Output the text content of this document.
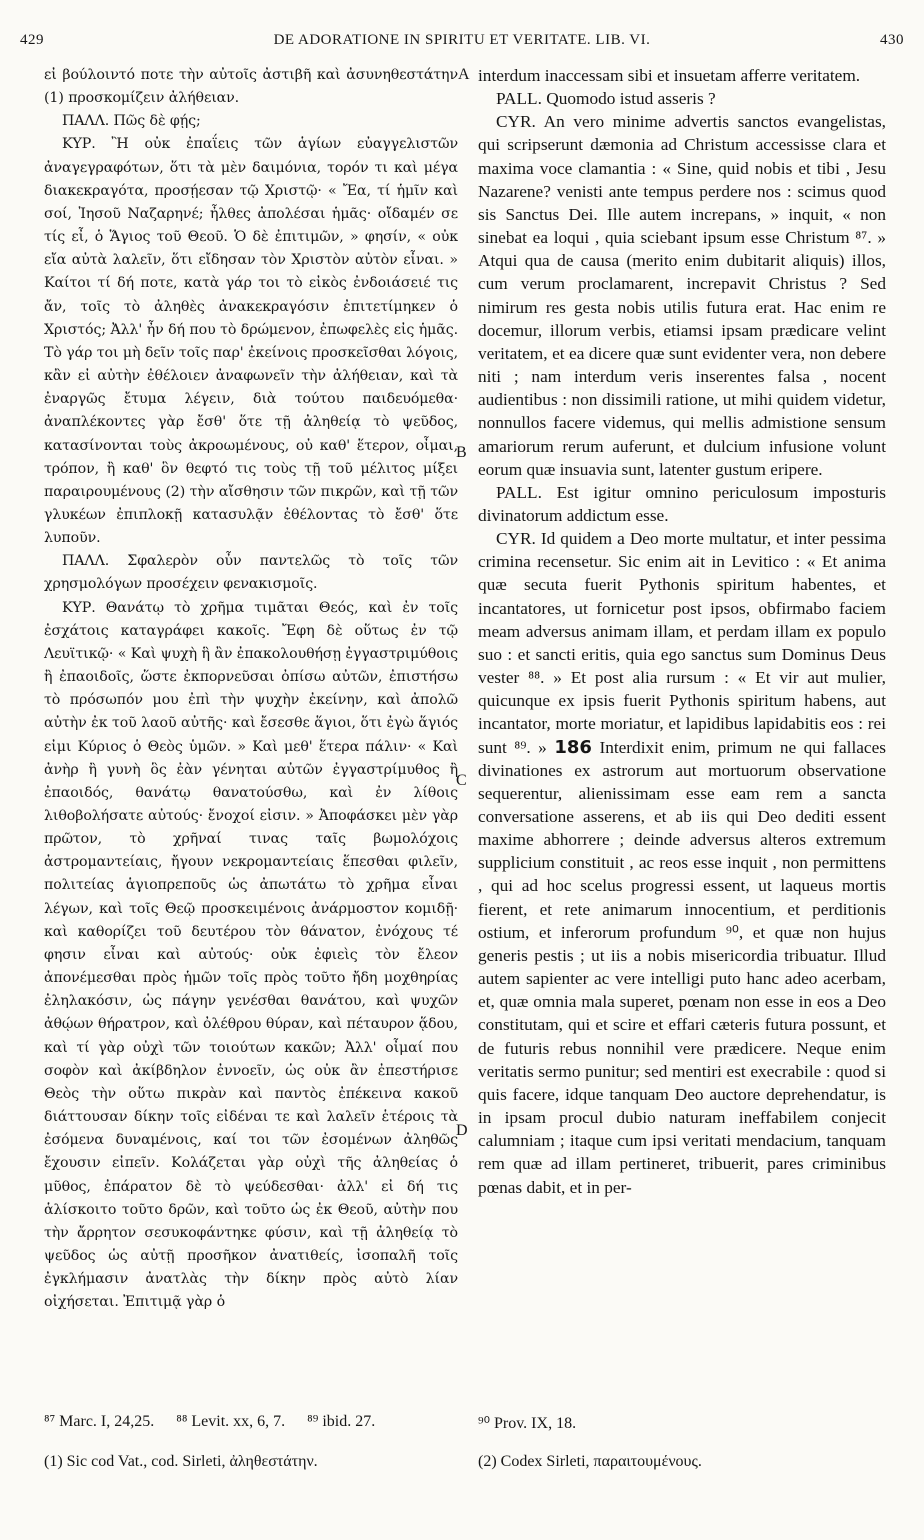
429	DE ADORATIONE IN SPIRITU ET VERITATE. LIB. VI.	430

εἰ βούλοιντό ποτε τὴν αὐτοῖς ἀστιβῆ καὶ ἀσυνηθεστάτην (1) προσκομίζειν ἀλήθειαν.

ΠΑΛΛ. Πῶς δὲ φῄς;

ΚΥΡ. Ἢ οὐκ ἐπαΐεις τῶν ἁγίων εὐαγγελιστῶν ἀναγεγραφότων, ὅτι τὰ μὲν δαιμόνια, τορόν τι καὶ μέγα διακεκραγότα, προσῄεσαν τῷ Χριστῷ· « Ἔα, τί ἡμῖν καὶ σοί, Ἰησοῦ Ναζαρηνέ; ἦλθες ἀπολέσαι ἡμᾶς· οἴδαμέν σε τίς εἶ, ὁ Ἅγιος τοῦ Θεοῦ. Ὁ δὲ ἐπιτιμῶν, » φησίν, « οὐκ εἴα αὐτὰ λαλεῖν, ὅτι εἴδησαν τὸν Χριστὸν αὐτὸν εἶναι. » Καίτοι τί δή ποτε, κατὰ γάρ τοι τὸ εἰκὸς ἐνδοιάσειέ τις ἄν, τοῖς τὸ ἀληθὲς ἀνακεκραγόσιν ἐπιτετίμηκεν ὁ Χριστός; Ἀλλ' ἦν δή που τὸ δρώμενον, ἐπωφελὲς εἰς ἡμᾶς. Τὸ γάρ τοι μὴ δεῖν τοῖς παρ' ἐκείνοις προσκεῖσθαι λόγοις, κἂν εἰ αὐτὴν ἐθέλοιεν ἀναφωνεῖν τὴν ἀλήθειαν, καὶ τὰ ἐναργῶς ἔτυμα λέγειν, διὰ τούτου παιδευόμεθα· ἀναπλέκοντες γὰρ ἔσθ' ὅτε τῇ ἀληθείᾳ τὸ ψεῦδος, κατασίνονται τοὺς ἀκροωμένους, οὐ καθ' ἕτερον, οἶμαι, τρόπον, ἢ καθ' ὃν θεφτό τις τοὺς τῇ τοῦ μέλιτος μίξει παραιρουμένους (2) τὴν αἴσθησιν τῶν πικρῶν, καὶ τῇ τῶν γλυκέων ἐπιπλοκῇ κατασυλᾷν ἐθέλοντας τὸ ἔσθ' ὅτε λυποῦν.

ΠΑΛΛ. Σφαλερὸν οὖν παντελῶς τὸ τοῖς τῶν χρησμολόγων προσέχειν φενακισμοῖς.

ΚΥΡ. Θανάτῳ τὸ χρῆμα τιμᾶται Θεός, καὶ ἐν τοῖς ἐσχάτοις καταγράφει κακοῖς. Ἔφη δὲ οὕτως ἐν τῷ Λευϊτικῷ· « Καὶ ψυχὴ ἣ ἂν ἐπακολουθήσῃ ἐγγαστριμύθοις ἢ ἐπαοιδοῖς, ὥστε ἐκπορνεῦσαι ὀπίσω αὐτῶν, ἐπιστήσω τὸ πρόσωπόν μου ἐπὶ τὴν ψυχὴν ἐκείνην, καὶ ἀπολῶ αὐτὴν ἐκ τοῦ λαοῦ αὐτῆς· καὶ ἔσεσθε ἅγιοι, ὅτι ἐγὼ ἅγιός εἰμι Κύριος ὁ Θεὸς ὑμῶν. » Καὶ μεθ' ἕτερα πάλιν· « Καὶ ἀνὴρ ἢ γυνὴ ὃς ἐὰν γένηται αὐτῶν ἐγγαστρίμυθος ἢ ἐπαοιδός, θανάτῳ θανατούσθω, καὶ ἐν λίθοις λιθοβολήσατε αὐτούς· ἔνοχοί εἰσιν. » Ἀποφάσκει μὲν γὰρ πρῶτον, τὸ χρῆναί τινας ταῖς βωμολόχοις ἀστρομαντείαις, ἤγουν νεκρομαντείαις ἕπεσθαι φιλεῖν, πολιτείας ἁγιοπρεποῦς ὡς ἀπωτάτω τὸ χρῆμα εἶναι λέγων, καὶ τοῖς Θεῷ προσκειμένοις ἀνάρμοστον κομιδῇ· καὶ καθορίζει τοῦ δευτέρου τὸν θάνατον, ἐνόχους τέ φησιν εἶναι καὶ αὐτούς· οὐκ ἐφιεὶς τὸν ἔλεον ἀπονέμεσθαι πρὸς ἡμῶν τοῖς πρὸς τοῦτο ἤδη μοχθηρίας ἐληλακόσιν, ὡς πάγην γενέσθαι θανάτου, καὶ ψυχῶν ἀθῴων θήρατρον, καὶ ὀλέθρου θύραν, καὶ πέταυρον ᾅδου, καὶ τί γὰρ οὐχὶ τῶν τοιούτων κακῶν; Ἀλλ' οἶμαί που σοφὸν καὶ ἀκίβδηλον ἐννοεῖν, ὡς οὐκ ἂν ἐπεστήρισε Θεὸς τὴν οὕτω πικρὰν καὶ παντὸς ἐπέκεινα κακοῦ διάττουσαν δίκην τοῖς εἰδέναι τε καὶ λαλεῖν ἑτέροις τὰ ἐσόμενα δυναμένοις, καί τοι τῶν ἐσομένων ἀληθῶς ἔχουσιν εἰπεῖν. Κολάζεται γὰρ οὐχὶ τῆς ἀληθείας ὁ μῦθος, ἐπάρατον δὲ τὸ ψεύδεσθαι· ἀλλ' εἰ δή τις ἁλίσκοιτο τοῦτο δρῶν, καὶ τοῦτο ὡς ἐκ Θεοῦ, αὐτὴν που τὴν ἄρρητον σεσυκοφάντηκε φύσιν, καὶ τῇ ἀληθείᾳ τὸ ψεῦδος ὡς αὐτῇ προσῆκον ἀνατιθείς, ἰσοπαλῆ τοῖς ἐγκλήμασιν ἀνατλὰς τὴν δίκην πρὸς αὐτὸ λίαν οἰχήσεται. Ἐπιτιμᾷ γὰρ ὁ

A
B
C
D

interdum inaccessam sibi et insuetam afferre veritatem.

PALL. Quomodo istud asseris ?

CYR. An vero minime advertis sanctos evangelistas, qui scripserunt dæmonia ad Christum accessisse clara et maxima voce clamantia : « Sine, quid nobis et tibi , Jesu Nazarene? venisti ante tempus perdere nos : scimus quod sis Sanctus Dei. Ille autem increpans, » inquit, « non sinebat ea loqui , quia sciebant ipsum esse Christum ⁸⁷. » Atqui qua de causa (merito enim dubitarit aliquis) illos, cum verum proclamarent, increpavit Christus ? Sed nimirum res gesta nobis utilis futura erat. Hac enim re docemur, illorum verbis, etiamsi ipsam prædicare velint veritatem, et ea dicere quæ sunt evidenter vera, non debere niti ; nam interdum veris inserentes falsa , nocent audientibus : non dissimili ratione, ut mihi quidem videtur, nonnullos facere videmus, qui mellis admistione sensum amariorum rerum auferunt, et dulcium infusione volunt eorum quæ insuavia sunt, latenter gustum eripere.

PALL. Est igitur omnino periculosum imposturis divinatorum addictum esse.

CYR. Id quidem a Deo morte multatur, et inter pessima crimina recensetur. Sic enim ait in Levitico : « Et anima quæ secuta fuerit Pythonis spiritum habentes, et incantatores, ut fornicetur post ipsos, obfirmabo faciem meam adversus animam illam, et perdam illam ex populo suo : et sancti eritis, quia ego sanctus sum Dominus Deus vester ⁸⁸. » Et post alia rursum : « Et vir aut mulier, quicunque ex ipsis fuerit Pythonis spiritum habens, aut incantator, morte moriatur, et lapidibus lapidabitis eos : rei sunt ⁸⁹. » 186 Interdixit enim, primum ne qui fallaces divinationes ex astrorum aut mortuorum observatione sequerentur, alienissimam esse eam rem a sancta conversatione asserens, et ab iis qui Deo dediti essent maxime abhorrere ; deinde adversus alteros extremum supplicium constituit , ac reos esse inquit , non permittens , qui ad hoc scelus progressi essent, ut laqueus mortis fierent, et rete animarum innocentium, et perditionis ostium, et inferorum profundum ⁹⁰, et quæ non hujus generis pestis ; ut iis a nobis misericordia tribuatur. Illud autem sapienter ac vere intelligi puto hanc adeo acerbam, et, quæ omnia mala superet, pœnam non esse in eos a Deo constitutam, qui et scire et effari cæteris futura possunt, et de futuris rebus nonnihil vere prædicere. Neque enim veritatis sermo punitur; sed mentiri est execrabile : quod si quis facere, idque tanquam Deo auctore deprehendatur, is in ipsam procul dubio naturam ineffabilem conjecit calumniam ; itaque cum ipsi veritati mendacium, tanquam rem quæ ad illam pertineret, tribuerit, pares criminibus pœnas dabit, et in per-

⁸⁷ Marc. I, 24,25. ⁸⁸ Levit. xx, 6, 7. ⁸⁹ ibid. 27.
(1) Sic cod Vat., cod. Sirleti, ἀληθεστάτην.
⁹⁰ Prov. IX, 18.
(2) Codex Sirleti, παραιτουμένους.
